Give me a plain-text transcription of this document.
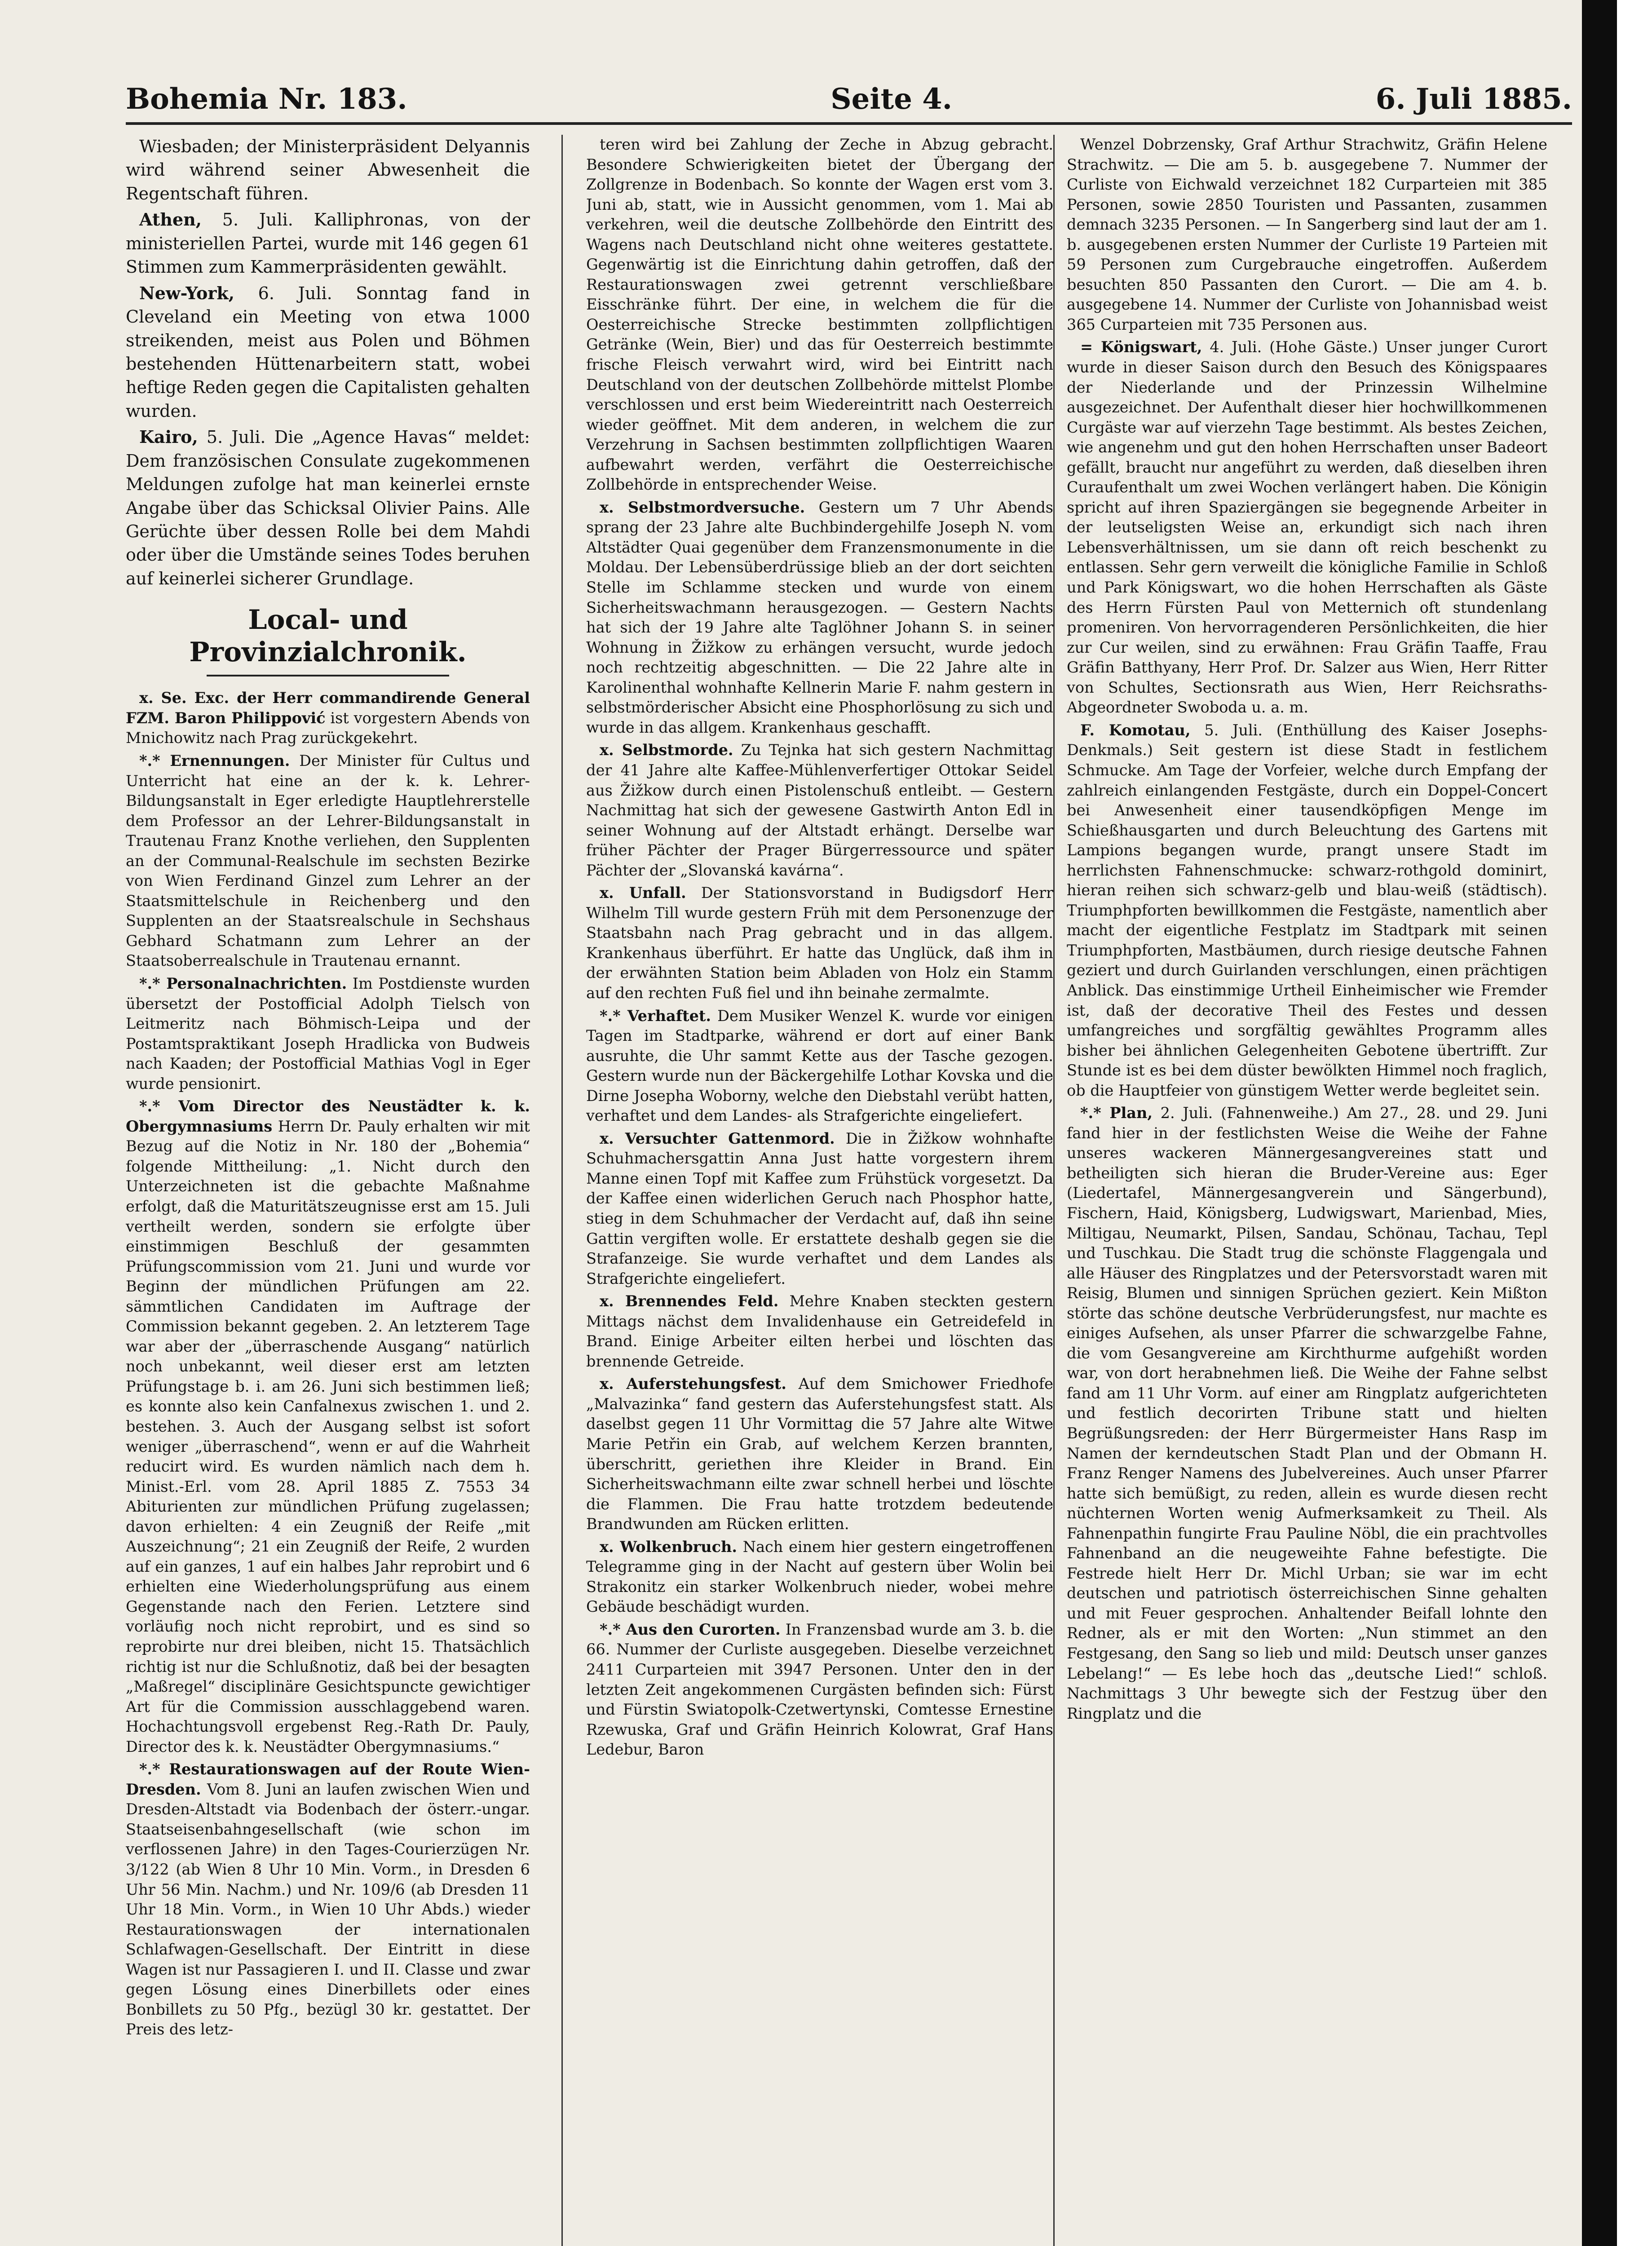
Bohemia Nr. 183.	Seite 4.	6. Juli 1885.

Wiesbaden; der Ministerpräsident Delyannis wird während seiner Abwesenheit die Regentschaft führen.

Athen, 5. Juli. Kalliphronas, von der ministeriellen Partei, wurde mit 146 gegen 61 Stimmen zum Kammerpräsidenten gewählt.

New-York, 6. Juli. Sonntag fand in Cleveland ein Meeting von etwa 1000 streikenden, meist aus Polen und Böhmen bestehenden Hüttenarbeitern statt, wobei heftige Reden gegen die Capitalisten gehalten wurden.

Kairo, 5. Juli. Die „Agence Havas“ meldet: Dem französischen Consulate zugekommenen Meldungen zufolge hat man keinerlei ernste Angabe über das Schicksal Olivier Pains. Alle Gerüchte über dessen Rolle bei dem Mahdi oder über die Umstände seines Todes beruhen auf keinerlei sicherer Grundlage.

Local- und Provinzialchronik.

x. Se. Exc. der Herr commandirende General FZM. Baron Philippović ist vorgestern Abends von Mnichowitz nach Prag zurückgekehrt.

*.* Ernennungen. Der Minister für Cultus und Unterricht hat eine an der k. k. Lehrer-Bildungsanstalt in Eger erledigte Hauptlehrerstelle dem Professor an der Lehrer-Bildungsanstalt in Trautenau Franz Knothe verliehen, den Supplenten an der Communal-Realschule im sechsten Bezirke von Wien Ferdinand Ginzel zum Lehrer an der Staatsmittelschule in Reichenberg und den Supplenten an der Staatsrealschule in Sechshaus Gebhard Schatmann zum Lehrer an der Staatsoberrealschule in Trautenau ernannt.

*.* Personalnachrichten. Im Postdienste wurden übersetzt der Postofficial Adolph Tielsch von Leitmeritz nach Böhmisch-Leipa und der Postamtspraktikant Joseph Hradlicka von Budweis nach Kaaden; der Postofficial Mathias Vogl in Eger wurde pensionirt.

*.* Vom Director des Neustädter k. k. Obergymnasiums Herrn Dr. Pauly erhalten wir mit Bezug auf die Notiz in Nr. 180 der „Bohemia“ folgende Mittheilung: „1. Nicht durch den Unterzeichneten ist die gebachte Maßnahme erfolgt, daß die Maturitätszeugnisse erst am 15. Juli vertheilt werden, sondern sie erfolgte über einstimmigen Beschluß der gesammten Prüfungscommission vom 21. Juni und wurde vor Beginn der mündlichen Prüfungen am 22. sämmtlichen Candidaten im Auftrage der Commission bekannt gegeben. 2. An letzterem Tage war aber der „überraschende Ausgang“ natürlich noch unbekannt, weil dieser erst am letzten Prüfungstage b. i. am 26. Juni sich bestimmen ließ; es konnte also kein Canfalnexus zwischen 1. und 2. bestehen. 3. Auch der Ausgang selbst ist sofort weniger „überraschend“, wenn er auf die Wahrheit reducirt wird. Es wurden nämlich nach dem h. Minist.-Erl. vom 28. April 1885 Z. 7553 34 Abiturienten zur mündlichen Prüfung zugelassen; davon erhielten: 4 ein Zeugniß der Reife „mit Auszeichnung“; 21 ein Zeugniß der Reife, 2 wurden auf ein ganzes, 1 auf ein halbes Jahr reprobirt und 6 erhielten eine Wiederholungsprüfung aus einem Gegenstande nach den Ferien. Letztere sind vorläufig noch nicht reprobirt, und es sind so reprobirte nur drei bleiben, nicht 15. Thatsächlich richtig ist nur die Schlußnotiz, daß bei der besagten „Maßregel“ disciplinäre Gesichtspuncte gewichtiger Art für die Commission ausschlaggebend waren. Hochachtungsvoll ergebenst Reg.-Rath Dr. Pauly, Director des k. k. Neustädter Obergymnasiums.“

*.* Restaurationswagen auf der Route Wien-Dresden. Vom 8. Juni an laufen zwischen Wien und Dresden-Altstadt via Bodenbach der österr.-ungar. Staatseisenbahngesellschaft (wie schon im verflossenen Jahre) in den Tages-Courierzügen Nr. 3/122 (ab Wien 8 Uhr 10 Min. Vorm., in Dresden 6 Uhr 56 Min. Nachm.) und Nr. 109/6 (ab Dresden 11 Uhr 18 Min. Vorm., in Wien 10 Uhr Abds.) wieder Restaurationswagen der internationalen Schlafwagen-Gesellschaft. Der Eintritt in diese Wagen ist nur Passagieren I. und II. Classe und zwar gegen Lösung eines Dinerbillets oder eines Bonbillets zu 50 Pfg., bezügl 30 kr. gestattet. Der Preis des letz-

teren wird bei Zahlung der Zeche in Abzug gebracht. Besondere Schwierigkeiten bietet der Übergang der Zollgrenze in Bodenbach. So konnte der Wagen erst vom 3. Juni ab, statt, wie in Aussicht genommen, vom 1. Mai ab verkehren, weil die deutsche Zollbehörde den Eintritt des Wagens nach Deutschland nicht ohne weiteres gestattete. Gegenwärtig ist die Einrichtung dahin getroffen, daß der Restaurationswagen zwei getrennt verschließbare Eisschränke führt. Der eine, in welchem die für die Oesterreichische Strecke bestimmten zollpflichtigen Getränke (Wein, Bier) und das für Oesterreich bestimmte frische Fleisch verwahrt wird, wird bei Eintritt nach Deutschland von der deutschen Zollbehörde mittelst Plombe verschlossen und erst beim Wiedereintritt nach Oesterreich wieder geöffnet. Mit dem anderen, in welchem die zur Verzehrung in Sachsen bestimmten zollpflichtigen Waaren aufbewahrt werden, verfährt die Oesterreichische Zollbehörde in entsprechender Weise.

x. Selbstmordversuche. Gestern um 7 Uhr Abends sprang der 23 Jahre alte Buchbindergehilfe Joseph N. vom Altstädter Quai gegenüber dem Franzensmonumente in die Moldau. Der Lebensüberdrüssige blieb an der dort seichten Stelle im Schlamme stecken und wurde von einem Sicherheitswachmann herausgezogen. — Gestern Nachts hat sich der 19 Jahre alte Taglöhner Johann S. in seiner Wohnung in Žižkow zu erhängen versucht, wurde jedoch noch rechtzeitig abgeschnitten. — Die 22 Jahre alte in Karolinenthal wohnhafte Kellnerin Marie F. nahm gestern in selbstmörderischer Absicht eine Phosphorlösung zu sich und wurde in das allgem. Krankenhaus geschafft.

x. Selbstmorde. Zu Tejnka hat sich gestern Nachmittag der 41 Jahre alte Kaffee-Mühlenverfertiger Ottokar Seidel aus Žižkow durch einen Pistolenschuß entleibt. — Gestern Nachmittag hat sich der gewesene Gastwirth Anton Edl in seiner Wohnung auf der Altstadt erhängt. Derselbe war früher Pächter der Prager Bürgerressource und später Pächter der „Slovanská kavárna“.

x. Unfall. Der Stationsvorstand in Budigsdorf Herr Wilhelm Till wurde gestern Früh mit dem Personenzuge der Staatsbahn nach Prag gebracht und in das allgem. Krankenhaus überführt. Er hatte das Unglück, daß ihm in der erwähnten Station beim Abladen von Holz ein Stamm auf den rechten Fuß fiel und ihn beinahe zermalmte.

*.* Verhaftet. Dem Musiker Wenzel K. wurde vor einigen Tagen im Stadtparke, während er dort auf einer Bank ausruhte, die Uhr sammt Kette aus der Tasche gezogen. Gestern wurde nun der Bäckergehilfe Lothar Kovska und die Dirne Josepha Woborny, welche den Diebstahl verübt hatten, verhaftet und dem Landes- als Strafgerichte eingeliefert.

x. Versuchter Gattenmord. Die in Žižkow wohnhafte Schuhmachersgattin Anna Just hatte vorgestern ihrem Manne einen Topf mit Kaffee zum Frühstück vorgesetzt. Da der Kaffee einen widerlichen Geruch nach Phosphor hatte, stieg in dem Schuhmacher der Verdacht auf, daß ihn seine Gattin vergiften wolle. Er erstattete deshalb gegen sie die Strafanzeige. Sie wurde verhaftet und dem Landes als Strafgerichte eingeliefert.

x. Brennendes Feld. Mehre Knaben steckten gestern Mittags nächst dem Invalidenhause ein Getreidefeld in Brand. Einige Arbeiter eilten herbei und löschten das brennende Getreide.

x. Auferstehungsfest. Auf dem Smichower Friedhofe „Malvazinka“ fand gestern das Auferstehungsfest statt. Als daselbst gegen 11 Uhr Vormittag die 57 Jahre alte Witwe Marie Petřin ein Grab, auf welchem Kerzen brannten, überschritt, geriethen ihre Kleider in Brand. Ein Sicherheitswachmann eilte zwar schnell herbei und löschte die Flammen. Die Frau hatte trotzdem bedeutende Brandwunden am Rücken erlitten.

x. Wolkenbruch. Nach einem hier gestern eingetroffenen Telegramme ging in der Nacht auf gestern über Wolin bei Strakonitz ein starker Wolkenbruch nieder, wobei mehre Gebäude beschädigt wurden.

*.* Aus den Curorten. In Franzensbad wurde am 3. b. die 66. Nummer der Curliste ausgegeben. Dieselbe verzeichnet 2411 Curparteien mit 3947 Personen. Unter den in der letzten Zeit angekommenen Curgästen befinden sich: Fürst und Fürstin Swiatopolk-Czetwertynski, Comtesse Ernestine Rzewuska, Graf und Gräfin Heinrich Kolowrat, Graf Hans Ledebur, Baron

Wenzel Dobrzensky, Graf Arthur Strachwitz, Gräfin Helene Strachwitz. — Die am 5. b. ausgegebene 7. Nummer der Curliste von Eichwald verzeichnet 182 Curparteien mit 385 Personen, sowie 2850 Touristen und Passanten, zusammen demnach 3235 Personen. — In Sangerberg sind laut der am 1. b. ausgegebenen ersten Nummer der Curliste 19 Parteien mit 59 Personen zum Curgebrauche eingetroffen. Außerdem besuchten 850 Passanten den Curort. — Die am 4. b. ausgegebene 14. Nummer der Curliste von Johannisbad weist 365 Curparteien mit 735 Personen aus.

= Königswart, 4. Juli. (Hohe Gäste.) Unser junger Curort wurde in dieser Saison durch den Besuch des Königspaares der Niederlande und der Prinzessin Wilhelmine ausgezeichnet. Der Aufenthalt dieser hier hochwillkommenen Curgäste war auf vierzehn Tage bestimmt. Als bestes Zeichen, wie angenehm und gut den hohen Herrschaften unser Badeort gefällt, braucht nur angeführt zu werden, daß dieselben ihren Curaufenthalt um zwei Wochen verlängert haben. Die Königin spricht auf ihren Spaziergängen sie begegnende Arbeiter in der leutseligsten Weise an, erkundigt sich nach ihren Lebensverhältnissen, um sie dann oft reich beschenkt zu entlassen. Sehr gern verweilt die königliche Familie in Schloß und Park Königswart, wo die hohen Herrschaften als Gäste des Herrn Fürsten Paul von Metternich oft stundenlang promeniren. Von hervorragenderen Persönlichkeiten, die hier zur Cur weilen, sind zu erwähnen: Frau Gräfin Taaffe, Frau Gräfin Batthyany, Herr Prof. Dr. Salzer aus Wien, Herr Ritter von Schultes, Sectionsrath aus Wien, Herr Reichsraths-Abgeordneter Swoboda u. a. m.

F. Komotau, 5. Juli. (Enthüllung des Kaiser Josephs-Denkmals.) Seit gestern ist diese Stadt in festlichem Schmucke. Am Tage der Vorfeier, welche durch Empfang der zahlreich einlangenden Festgäste, durch ein Doppel-Concert bei Anwesenheit einer tausendköpfigen Menge im Schießhausgarten und durch Beleuchtung des Gartens mit Lampions begangen wurde, prangt unsere Stadt im herrlichsten Fahnenschmucke: schwarz-rothgold dominirt, hieran reihen sich schwarz-gelb und blau-weiß (städtisch). Triumphpforten bewillkommen die Festgäste, namentlich aber macht der eigentliche Festplatz im Stadtpark mit seinen Triumphpforten, Mastbäumen, durch riesige deutsche Fahnen geziert und durch Guirlanden verschlungen, einen prächtigen Anblick. Das einstimmige Urtheil Einheimischer wie Fremder ist, daß der decorative Theil des Festes und dessen umfangreiches und sorgfältig gewähltes Programm alles bisher bei ähnlichen Gelegenheiten Gebotene übertrifft. Zur Stunde ist es bei dem düster bewölkten Himmel noch fraglich, ob die Hauptfeier von günstigem Wetter werde begleitet sein.

*.* Plan, 2. Juli. (Fahnenweihe.) Am 27., 28. und 29. Juni fand hier in der festlichsten Weise die Weihe der Fahne unseres wackeren Männergesangvereines statt und betheiligten sich hieran die Bruder-Vereine aus: Eger (Liedertafel, Männergesangverein und Sängerbund), Fischern, Haid, Königsberg, Ludwigswart, Marienbad, Mies, Miltigau, Neumarkt, Pilsen, Sandau, Schönau, Tachau, Tepl und Tuschkau. Die Stadt trug die schönste Flaggengala und alle Häuser des Ringplatzes und der Petersvorstadt waren mit Reisig, Blumen und sinnigen Sprüchen geziert. Kein Mißton störte das schöne deutsche Verbrüderungsfest, nur machte es einiges Aufsehen, als unser Pfarrer die schwarzgelbe Fahne, die vom Gesangvereine am Kirchthurme aufgehißt worden war, von dort herabnehmen ließ. Die Weihe der Fahne selbst fand am 11 Uhr Vorm. auf einer am Ringplatz aufgerichteten und festlich decorirten Tribune statt und hielten Begrüßungsreden: der Herr Bürgermeister Hans Rasp im Namen der kerndeutschen Stadt Plan und der Obmann H. Franz Renger Namens des Jubelvereines. Auch unser Pfarrer hatte sich bemüßigt, zu reden, allein es wurde diesen recht nüchternen Worten wenig Aufmerksamkeit zu Theil. Als Fahnenpathin fungirte Frau Pauline Nöbl, die ein prachtvolles Fahnenband an die neugeweihte Fahne befestigte. Die Festrede hielt Herr Dr. Michl Urban; sie war im echt deutschen und patriotisch österreichischen Sinne gehalten und mit Feuer gesprochen. Anhaltender Beifall lohnte den Redner, als er mit den Worten: „Nun stimmet an den Festgesang, den Sang so lieb und mild: Deutsch unser ganzes Lebelang!“ — Es lebe hoch das „deutsche Lied!“ schloß. Nachmittags 3 Uhr bewegte sich der Festzug über den Ringplatz und die
